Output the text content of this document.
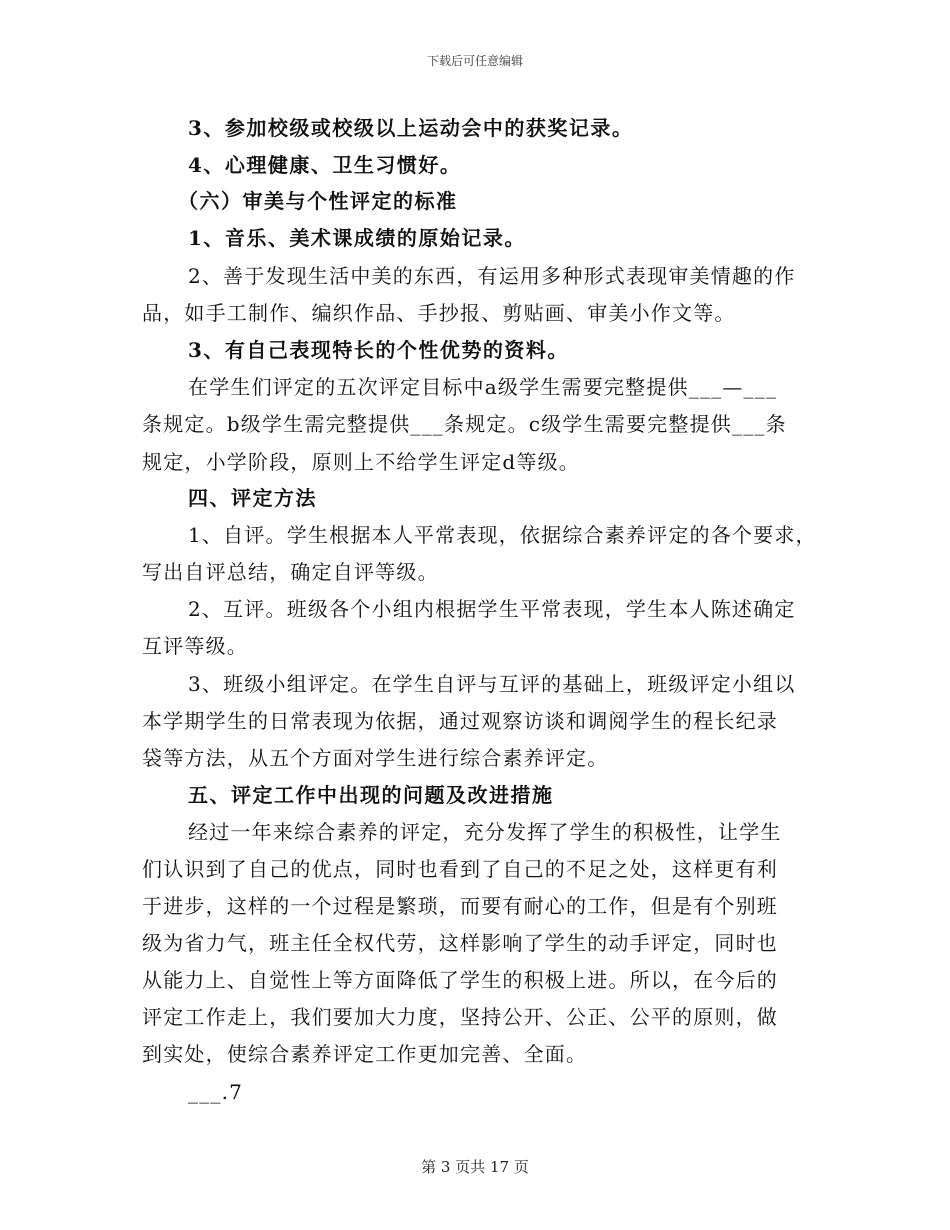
下载后可任意编辑
3、参加校级或校级以上运动会中的获奖记录。
4、心理健康、卫生习惯好。
（六）审美与个性评定的标准
1、音乐、美术课成绩的原始记录。
2、善于发现生活中美的东西，有运用多种形式表现审美情趣的作
品，如手工制作、编织作品、手抄报、剪贴画、审美小作文等。
3、有自己表现特长的个性优势的资料。
在学生们评定的五次评定目标中a级学生需要完整提供___—___
条规定。b级学生需完整提供___条规定。c级学生需要完整提供___条
规定，小学阶段，原则上不给学生评定d等级。
四、评定方法
1、自评。学生根据本人平常表现，依据综合素养评定的各个要求，
写出自评总结，确定自评等级。
2、互评。班级各个小组内根据学生平常表现，学生本人陈述确定
互评等级。
3、班级小组评定。在学生自评与互评的基础上，班级评定小组以
本学期学生的日常表现为依据，通过观察访谈和调阅学生的程长纪录
袋等方法，从五个方面对学生进行综合素养评定。
五、评定工作中出现的问题及改进措施
经过一年来综合素养的评定，充分发挥了学生的积极性，让学生
们认识到了自己的优点，同时也看到了自己的不足之处，这样更有利
于进步，这样的一个过程是繁琐，而要有耐心的工作，但是有个别班
级为省力气，班主任全权代劳，这样影响了学生的动手评定，同时也
从能力上、自觉性上等方面降低了学生的积极上进。所以，在今后的
评定工作走上，我们要加大力度，坚持公开、公正、公平的原则，做
到实处，使综合素养评定工作更加完善、全面。
___.7
第 3 页共 17 页
